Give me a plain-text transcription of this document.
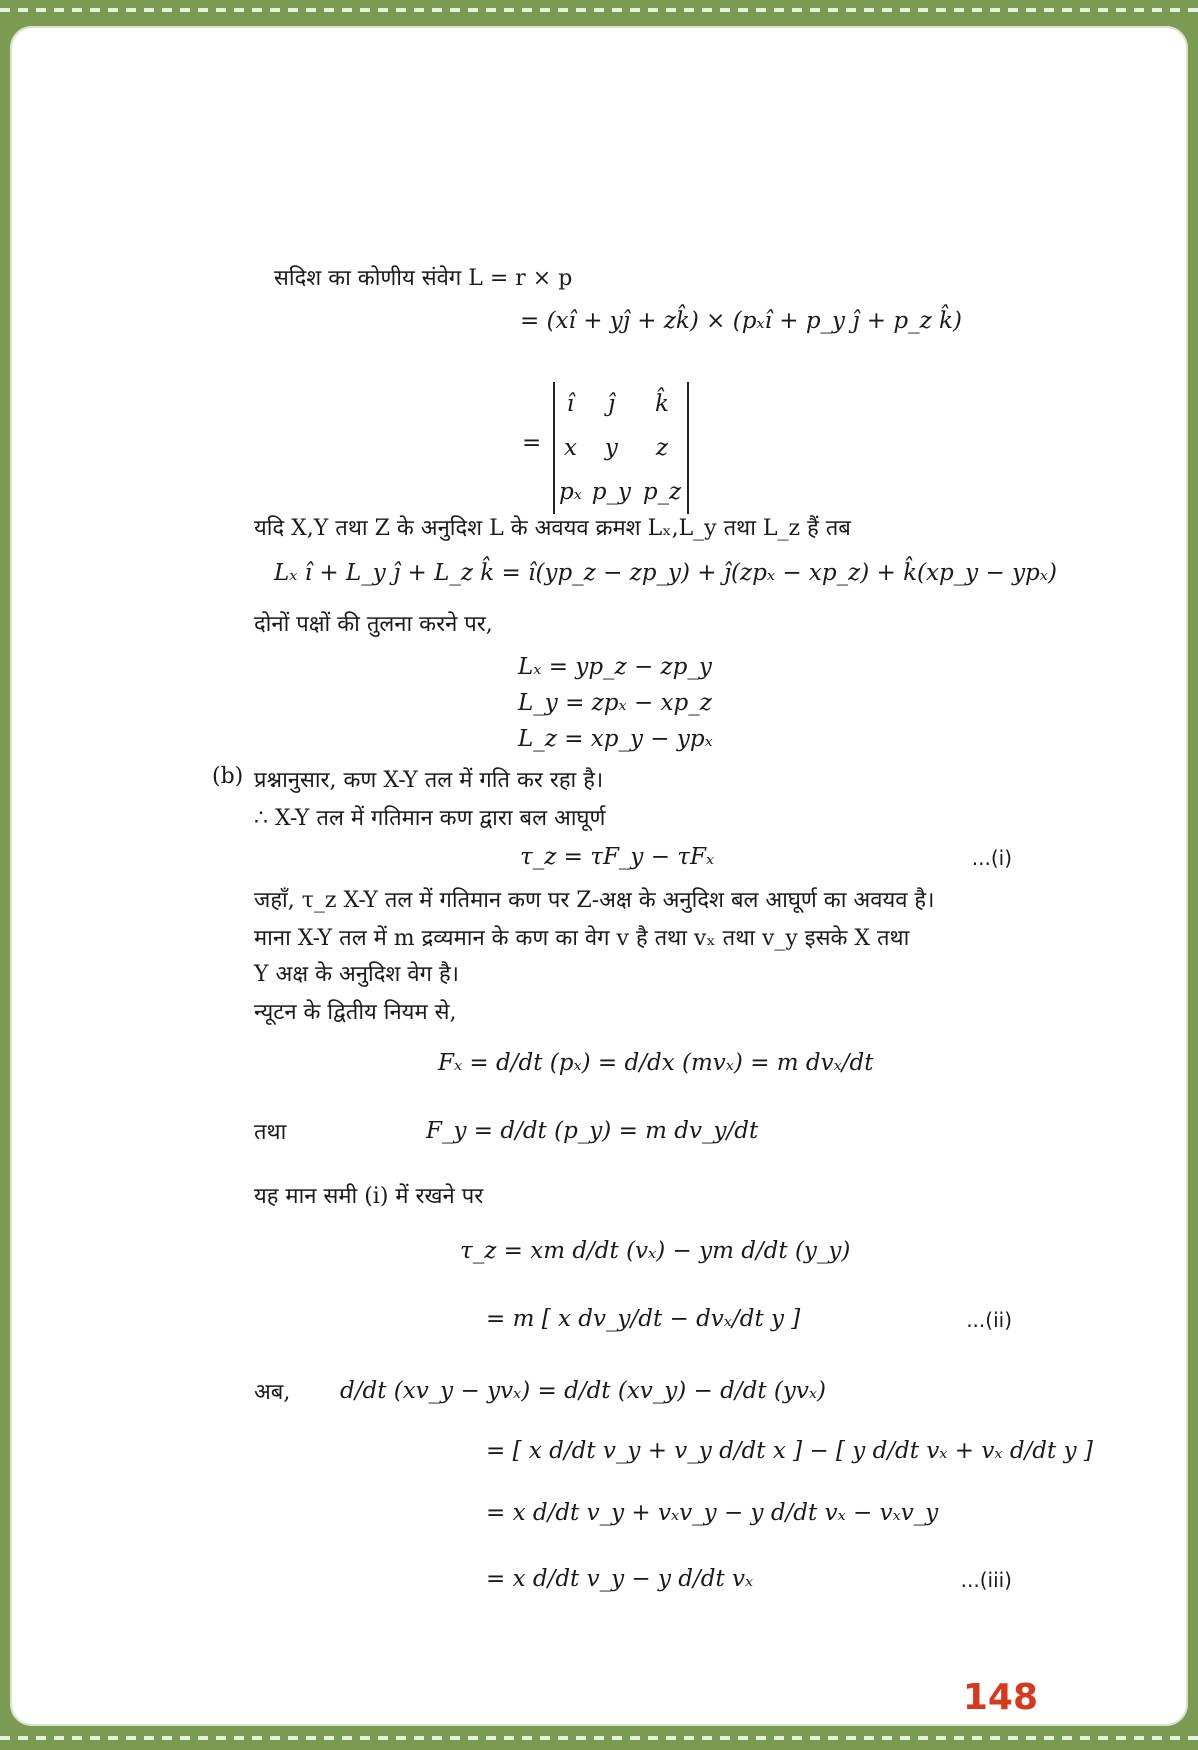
सदिश का कोणीय संवेग L = r × p
= (xî + yĵ + zk̂) × (pₓî + p_y ĵ + p_z k̂)
=
î	ĵ	k̂
x	y	z
pₓ	p_y	p_z
यदि X,Y तथा Z के अनुदिश L के अवयव क्रमश Lₓ,L_y तथा L_z हैं तब
Lₓ î + L_y ĵ + L_z k̂ = î(yp_z − zp_y) + ĵ(zpₓ − xp_z) + k̂(xp_y − ypₓ)
दोनों पक्षों की तुलना करने पर,
Lₓ = yp_z − zp_y
L_y = zpₓ − xp_z
L_z = xp_y − ypₓ
(b) प्रश्नानुसार, कण X-Y तल में गति कर रहा है।
∴ X-Y तल में गतिमान कण द्वारा बल आघूर्ण
τ_z = τF_y − τFₓ	...(i)
जहाँ, τ_z X-Y तल में गतिमान कण पर Z-अक्ष के अनुदिश बल आघूर्ण का अवयव है।
माना X-Y तल में m द्रव्यमान के कण का वेग v है तथा vₓ तथा v_y इसके X तथा
Y अक्ष के अनुदिश वेग है।
न्यूटन के द्वितीय नियम से,
Fₓ = d/dt (pₓ) = d/dx (mvₓ) = m dvₓ/dt
तथा	F_y = d/dt (p_y) = m dv_y/dt
यह मान समी (i) में रखने पर
τ_z = xm d/dt (vₓ) − ym d/dt (y_y)
= m [ x dv_y/dt − dvₓ/dt y ]	...(ii)
अब, d/dt (xv_y − yvₓ) = d/dt (xv_y) − d/dt (yvₓ)
= [ x d/dt v_y + v_y d/dt x ] − [ y d/dt vₓ + vₓ d/dt y ]
= x d/dt v_y + vₓv_y − y d/dt vₓ − vₓv_y
= x d/dt v_y − y d/dt vₓ	...(iii)
148
